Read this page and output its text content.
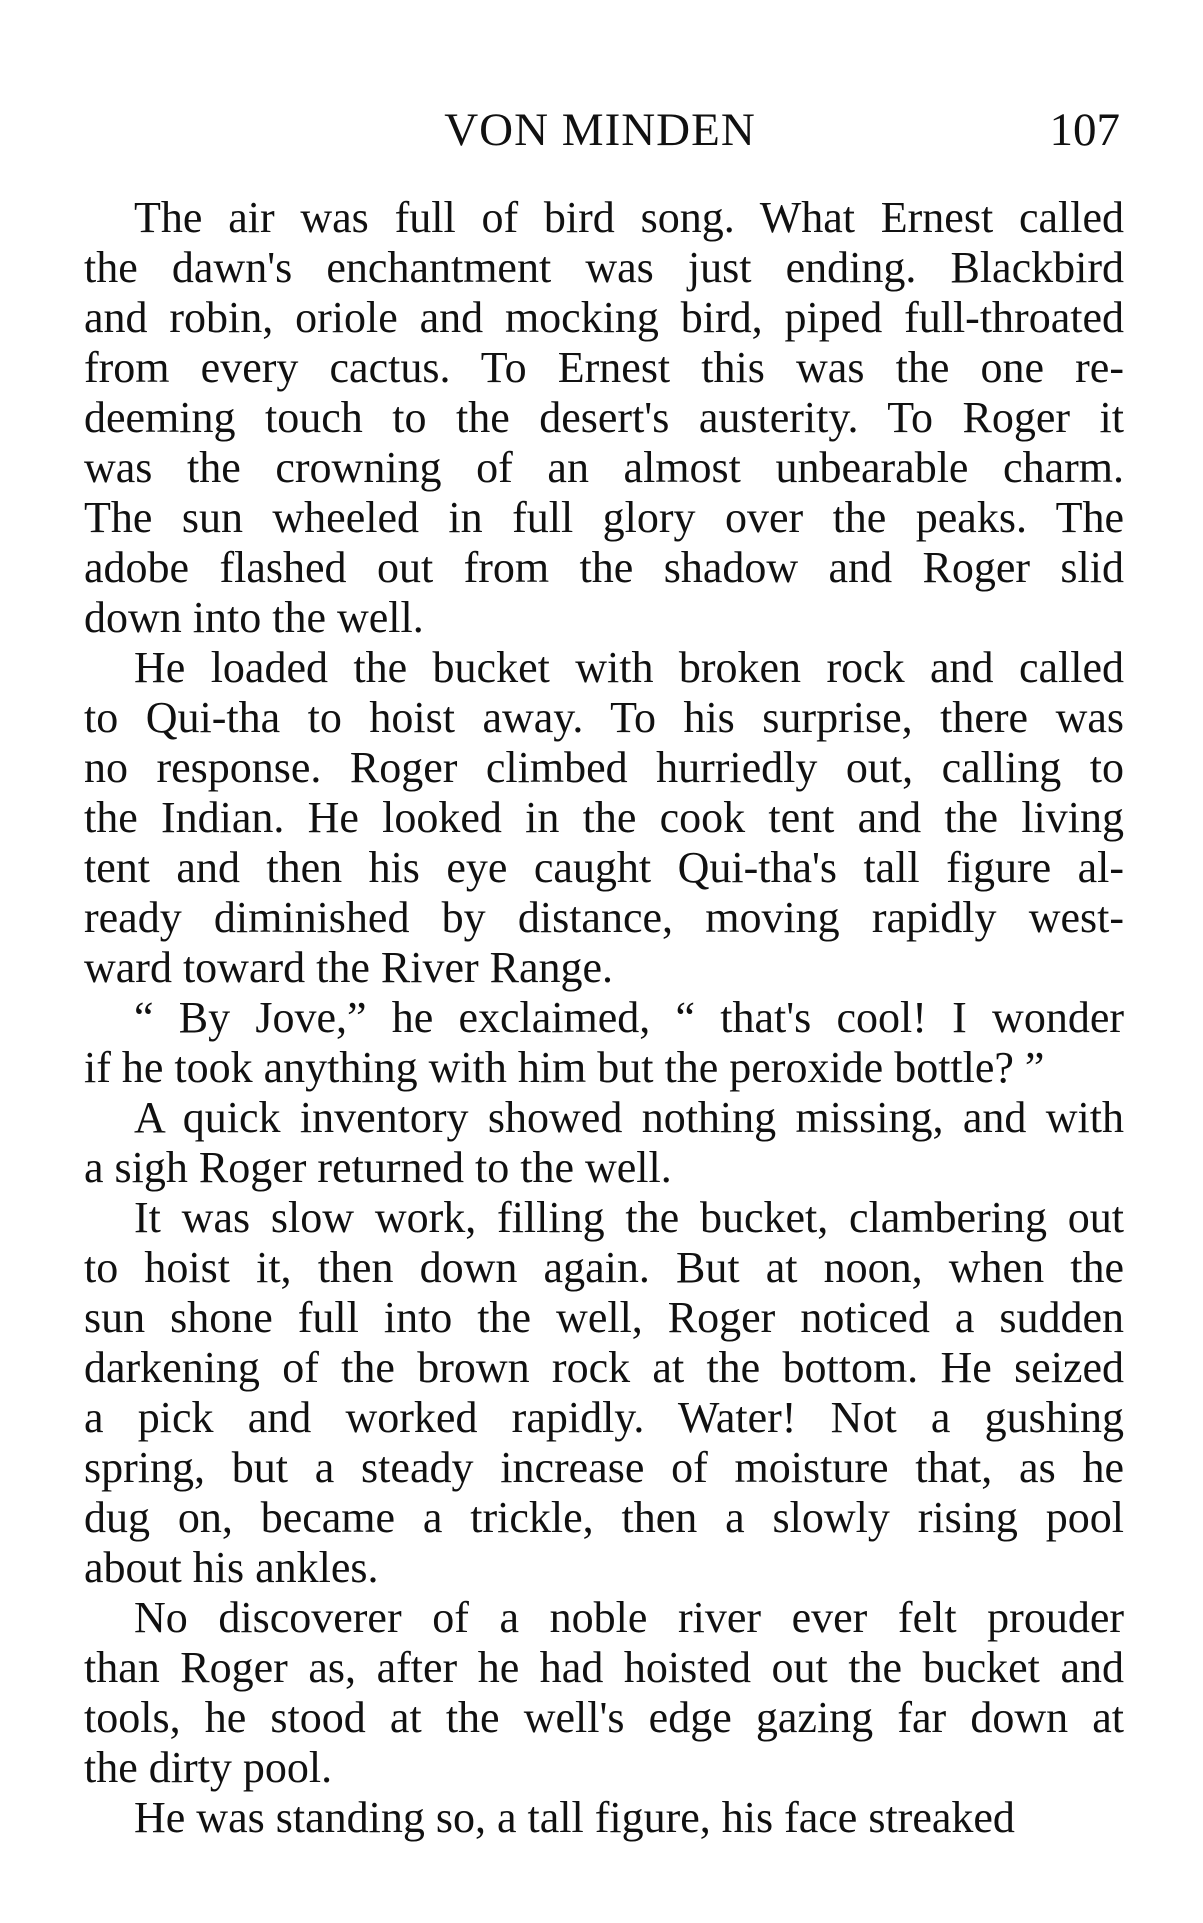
VON MINDEN	107
The air was full of bird song. What Ernest called
the dawn's enchantment was just ending. Blackbird
and robin, oriole and mocking bird, piped full-throated
from every cactus. To Ernest this was the one re-
deeming touch to the desert's austerity. To Roger it
was the crowning of an almost unbearable charm.
The sun wheeled in full glory over the peaks. The
adobe flashed out from the shadow and Roger slid
down into the well.
He loaded the bucket with broken rock and called
to Qui-tha to hoist away. To his surprise, there was
no response. Roger climbed hurriedly out, calling to
the Indian. He looked in the cook tent and the living
tent and then his eye caught Qui-tha's tall figure al-
ready diminished by distance, moving rapidly west-
ward toward the River Range.
“ By Jove,” he exclaimed, “ that's cool! I wonder
if he took anything with him but the peroxide bottle? ”
A quick inventory showed nothing missing, and with
a sigh Roger returned to the well.
It was slow work, filling the bucket, clambering out
to hoist it, then down again. But at noon, when the
sun shone full into the well, Roger noticed a sudden
darkening of the brown rock at the bottom. He seized
a pick and worked rapidly. Water! Not a gushing
spring, but a steady increase of moisture that, as he
dug on, became a trickle, then a slowly rising pool
about his ankles.
No discoverer of a noble river ever felt prouder
than Roger as, after he had hoisted out the bucket and
tools, he stood at the well's edge gazing far down at
the dirty pool.
He was standing so, a tall figure, his face streaked
